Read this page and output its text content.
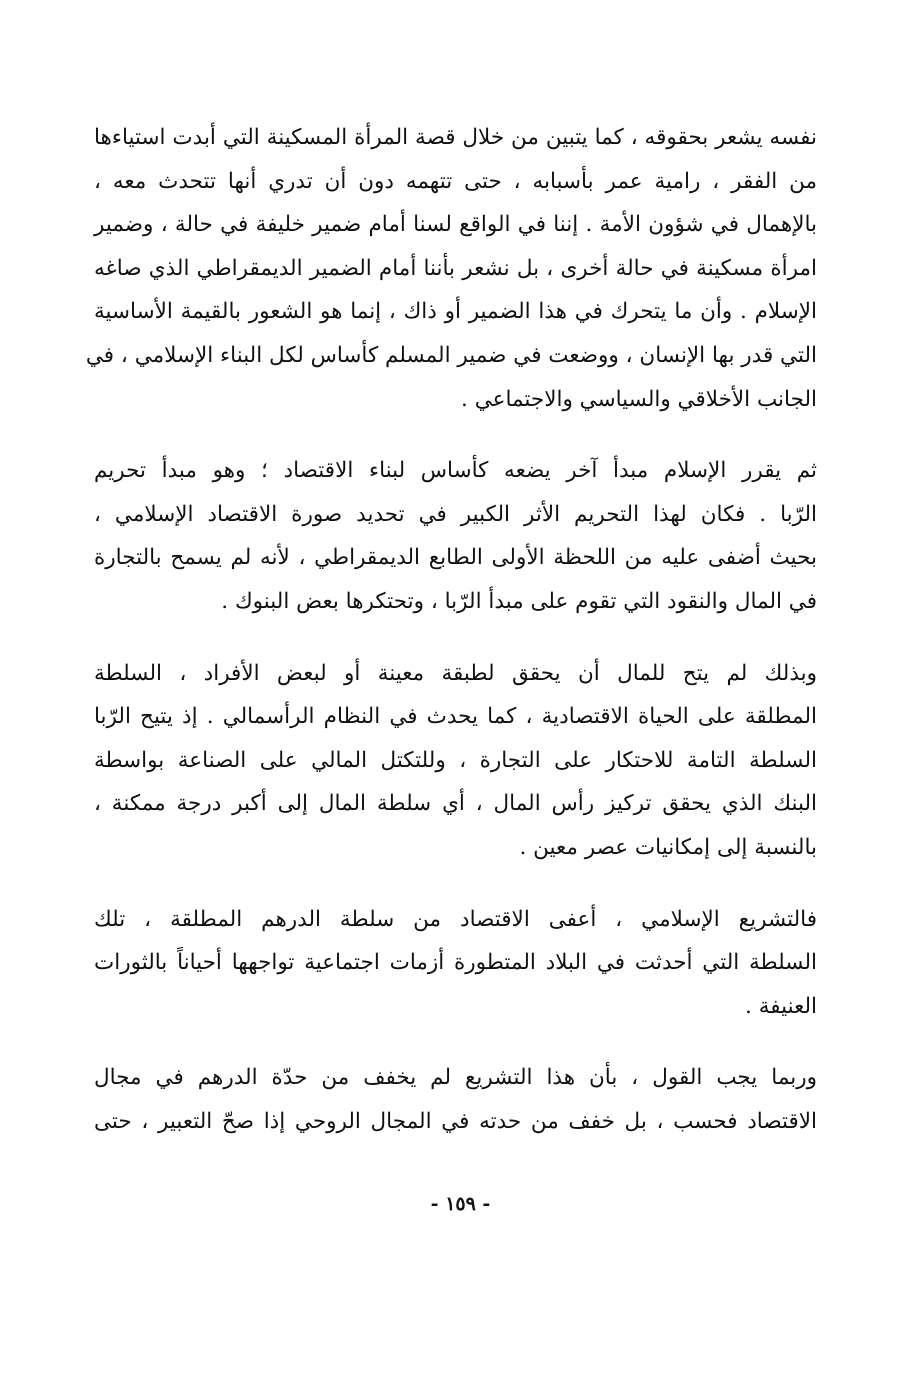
نفسه يشعر بحقوقه ، كما يتبين من خلال قصة المرأة المسكينة التي أبدت استياءها
من الفقر ، رامية عمر بأسبابه ، حتى تتهمه دون أن تدري أنها تتحدث معه ،
بالإهمال في شؤون الأمة . إننا في الواقع لسنا أمام ضمير خليفة في حالة ، وضمير
امرأة مسكينة في حالة أخرى ، بل نشعر بأننا أمام الضمير الديمقراطي الذي صاغه
الإسلام . وأن ما يتحرك في هذا الضمير أو ذاك ، إنما هو الشعور بالقيمة الأساسية
التي قدر بها الإنسان ، ووضعت في ضمير المسلم كأساس لكل البناء الإسلامي ، في
الجانب الأخلاقي والسياسي والاجتماعي .

ثم يقرر الإسلام مبدأ آخر يضعه كأساس لبناء الاقتصاد ؛ وهو مبدأ تحريم
الرّبا . فكان لهذا التحريم الأثر الكبير في تحديد صورة الاقتصاد الإسلامي ،
بحيث أضفى عليه من اللحظة الأولى الطابع الديمقراطي ، لأنه لم يسمح بالتجارة
في المال والنقود التي تقوم على مبدأ الرّبا ، وتحتكرها بعض البنوك .

وبذلك لم يتح للمال أن يحقق لطبقة معينة أو لبعض الأفراد ، السلطة
المطلقة على الحياة الاقتصادية ، كما يحدث في النظام الرأسمالي . إذ يتيح الرّبا
السلطة التامة للاحتكار على التجارة ، وللتكتل المالي على الصناعة بواسطة
البنك الذي يحقق تركيز رأس المال ، أي سلطة المال إلى أكبر درجة ممكنة ،
بالنسبة إلى إمكانيات عصر معين .

فالتشريع الإسلامي ، أعفى الاقتصاد من سلطة الدرهم المطلقة ، تلك
السلطة التي أحدثت في البلاد المتطورة أزمات اجتماعية تواجهها أحياناً بالثورات
العنيفة .

وربما يجب القول ، بأن هذا التشريع لم يخفف من حدّة الدرهم في مجال
الاقتصاد فحسب ، بل خفف من حدته في المجال الروحي إذا صحّ التعبير ، حتى

- ١٥٩ -
